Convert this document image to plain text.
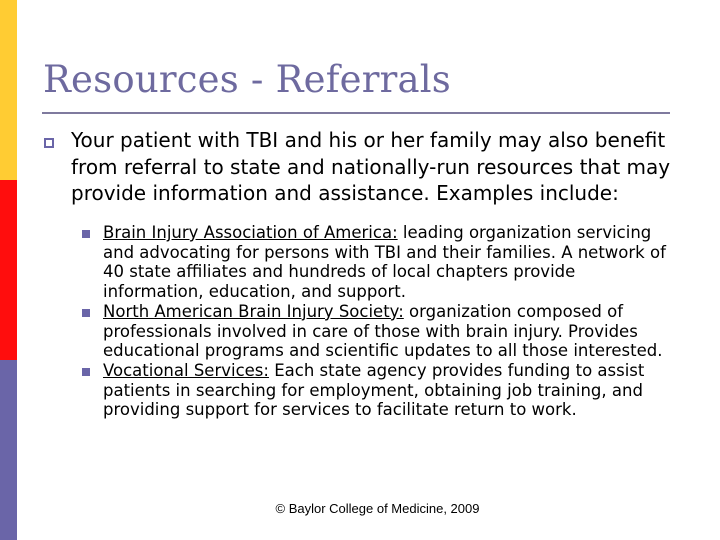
Resources - Referrals
Your patient with TBI and his or her family may also benefit from referral to state and nationally-run resources that may provide information and assistance. Examples include:
Brain Injury Association of America: leading organization servicing and advocating for persons with TBI and their families. A network of 40 state affiliates and hundreds of local chapters provide information, education, and support.
North American Brain Injury Society: organization composed of professionals involved in care of those with brain injury. Provides educational programs and scientific updates to all those interested.
Vocational Services: Each state agency provides funding to assist patients in searching for employment, obtaining job training, and providing support for services to facilitate return to work.
© Baylor College of Medicine, 2009
